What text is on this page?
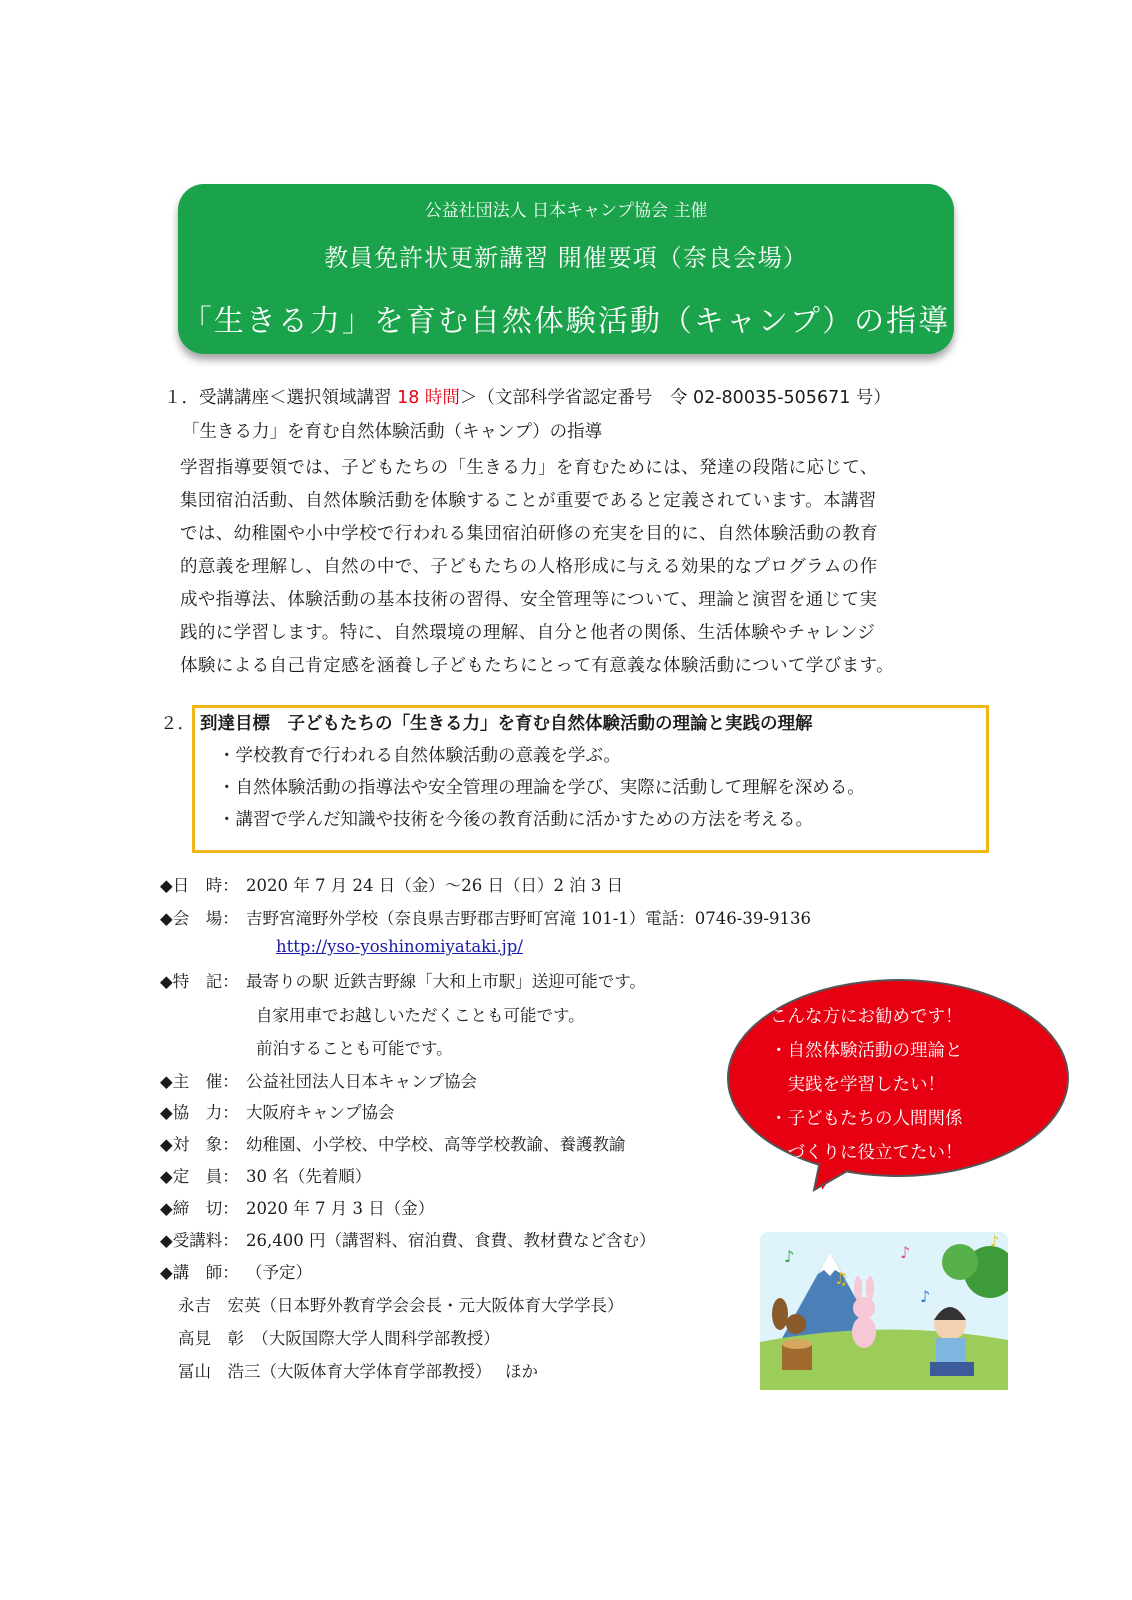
公益社団法人 日本キャンプ協会 主催
教員免許状更新講習 開催要項（奈良会場）
「生きる力」を育む自然体験活動（キャンプ）の指導
１．受講講座＜選択領域講習 18 時間＞（文部科学省認定番号　令 02-80035-505671 号）
「生きる力」を育む自然体験活動（キャンプ）の指導
学習指導要領では、子どもたちの「生きる力」を育むためには、発達の段階に応じて、
集団宿泊活動、自然体験活動を体験することが重要であると定義されています。本講習
では、幼稚園や小中学校で行われる集団宿泊研修の充実を目的に、自然体験活動の教育
的意義を理解し、自然の中で、子どもたちの人格形成に与える効果的なプログラムの作
成や指導法、体験活動の基本技術の習得、安全管理等について、理論と演習を通じて実
践的に学習します。特に、自然環境の理解、自分と他者の関係、生活体験やチャレンジ
体験による自己肯定感を涵養し子どもたちにとって有意義な体験活動について学びます。
２． 到達目標　子どもたちの「生きる力」を育む自然体験活動の理論と実践の理解
・学校教育で行われる自然体験活動の意義を学ぶ。
・自然体験活動の指導法や安全管理の理論を学び、実際に活動して理解を深める。
・講習で学んだ知識や技術を今後の教育活動に活かすための方法を考える。
◆日　時： 2020 年 7 月 24 日（金）～26 日（日）2 泊 3 日
◆会　場： 吉野宮滝野外学校（奈良県吉野郡吉野町宮滝 101-1）電話：0746-39-9136
http://yso-yoshinomiyataki.jp/
◆特　記： 最寄りの駅 近鉄吉野線「大和上市駅」送迎可能です。
自家用車でお越しいただくことも可能です。
前泊することも可能です。
◆主　催： 公益社団法人日本キャンプ協会
◆協　力： 大阪府キャンプ協会
◆対　象： 幼稚園、小学校、中学校、高等学校教諭、養護教諭
◆定　員： 30 名（先着順）
◆締　切： 2020 年 7 月 3 日（金）
◆受講料： 26,400 円（講習料、宿泊費、食費、教材費など含む）
◆講　師： （予定）
永吉　宏英（日本野外教育学会会長・元大阪体育大学学長）
高見　彰　（大阪国際大学人間科学部教授）
冨山　浩三（大阪体育大学体育学部教授）　 ほか
こんな方にお勧めです！
・自然体験活動の理論と
　実践を学習したい！
・子どもたちの人間関係
　づくりに役立てたい！
♪	♪
♪
♫
♪
